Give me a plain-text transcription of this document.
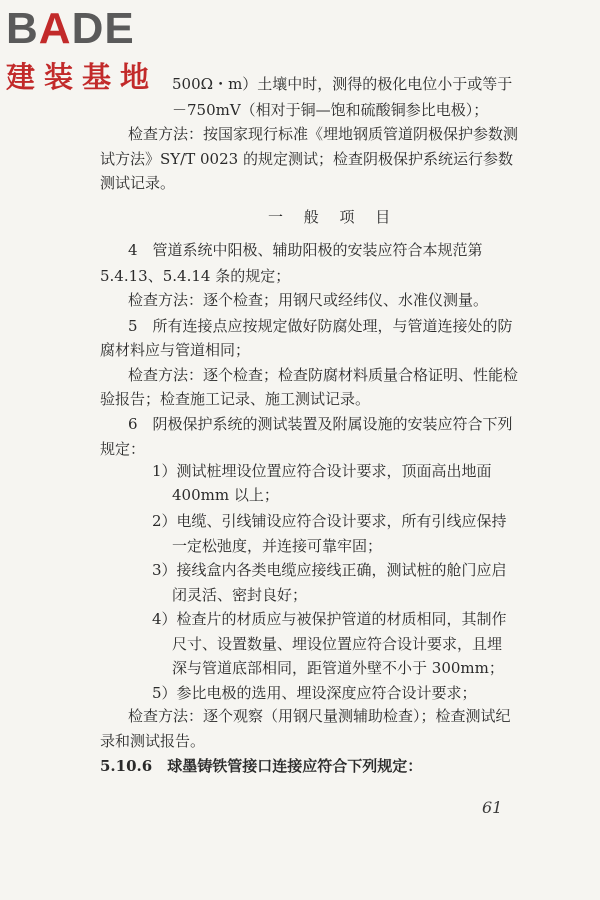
BADE
建装基地 500Ω・m）土壤中时，测得的极化电位小于或等于
－750mV（相对于铜—饱和硫酸铜参比电极）；
检查方法：按国家现行标准《埋地钢质管道阴极保护参数测
试方法》SY/T 0023 的规定测试；检查阴极保护系统运行参数
测试记录。
一 般 项 目
4　管道系统中阳极、辅助阳极的安装应符合本规范第
5.4.13、5.4.14 条的规定；
检查方法：逐个检查；用钢尺或经纬仪、水准仪测量。
5　所有连接点应按规定做好防腐处理，与管道连接处的防
腐材料应与管道相同；
检查方法：逐个检查；检查防腐材料质量合格证明、性能检
验报告；检查施工记录、施工测试记录。
6　阴极保护系统的测试装置及附属设施的安装应符合下列
规定：
1）测试桩埋设位置应符合设计要求，顶面高出地面
400mm 以上；
2）电缆、引线铺设应符合设计要求，所有引线应保持
一定松弛度，并连接可靠牢固；
3）接线盒内各类电缆应接线正确，测试桩的舱门应启
闭灵活、密封良好；
4）检查片的材质应与被保护管道的材质相同，其制作
尺寸、设置数量、埋设位置应符合设计要求，且埋
深与管道底部相同，距管道外壁不小于 300mm；
5）参比电极的选用、埋设深度应符合设计要求；
检查方法：逐个观察（用钢尺量测辅助检查）；检查测试纪
录和测试报告。
5.10.6　球墨铸铁管接口连接应符合下列规定：
61
